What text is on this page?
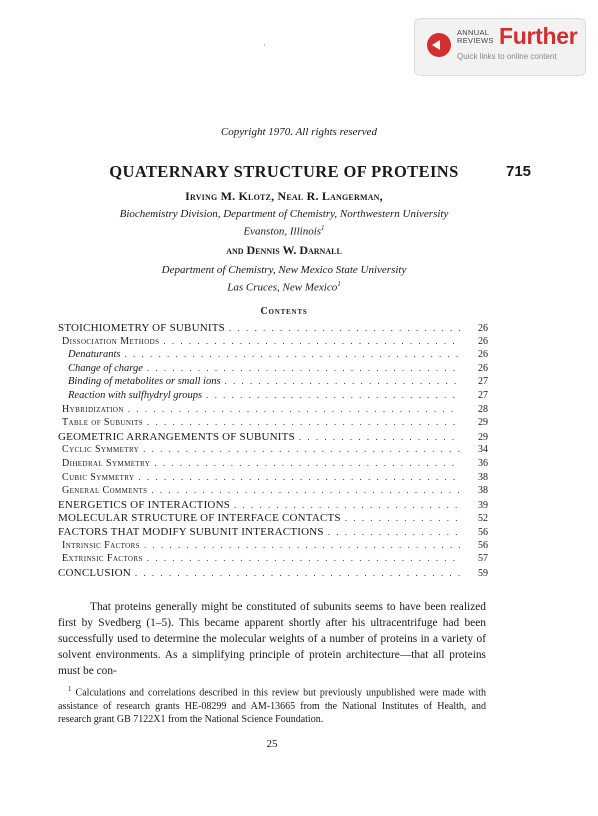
ANNUAL
REVIEWS Further
Quick links to online content
Copyright 1970. All rights reserved
QUATERNARY STRUCTURE OF PROTEINS	715
Irving M. Klotz, Neal R. Langerman,
Biochemistry Division, Department of Chemistry, Northwestern University
Evanston, Illinois$^1$
and Dennis W. Darnall
Department of Chemistry, New Mexico State University
Las Cruces, New Mexico$^1$
Contents
STOICHIOMETRY OF SUBUNITS . . .	26
Dissociation Methods . . .	26
Denaturants . . .	26
Change of charge . . .	26
Binding of metabolites or small ions . . .	27
Reaction with sulfhydryl groups . . .	27
Hybridization . . .	28
Table of Subunits . . .	29
GEOMETRIC ARRANGEMENTS OF SUBUNITS . . .	29
Cyclic Symmetry . . .	34
Dihedral Symmetry . . .	36
Cubic Symmetry . . .	38
General Comments . . .	38
ENERGETICS OF INTERACTIONS . . .	39
MOLECULAR STRUCTURE OF INTERFACE CONTACTS . . .	52
FACTORS THAT MODIFY SUBUNIT INTERACTIONS . . .	56
Intrinsic Factors . . .	56
Extrinsic Factors . . .	57
CONCLUSION . . .	59

That proteins generally might be constituted of subunits seems to have been realized first by Svedberg (1–5). This became apparent shortly after his ultracentrifuge had been successfully used to determine the molecular weights of a number of proteins in a variety of solvent environments. As a simplifying principle of protein architecture—that all proteins must be con-

$^1$ Calculations and correlations described in this review but previously unpublished were made with assistance of research grants HE-08299 and AM-13665 from the National Institutes of Health, and research grant GB 7122X1 from the National Science Foundation.

25
